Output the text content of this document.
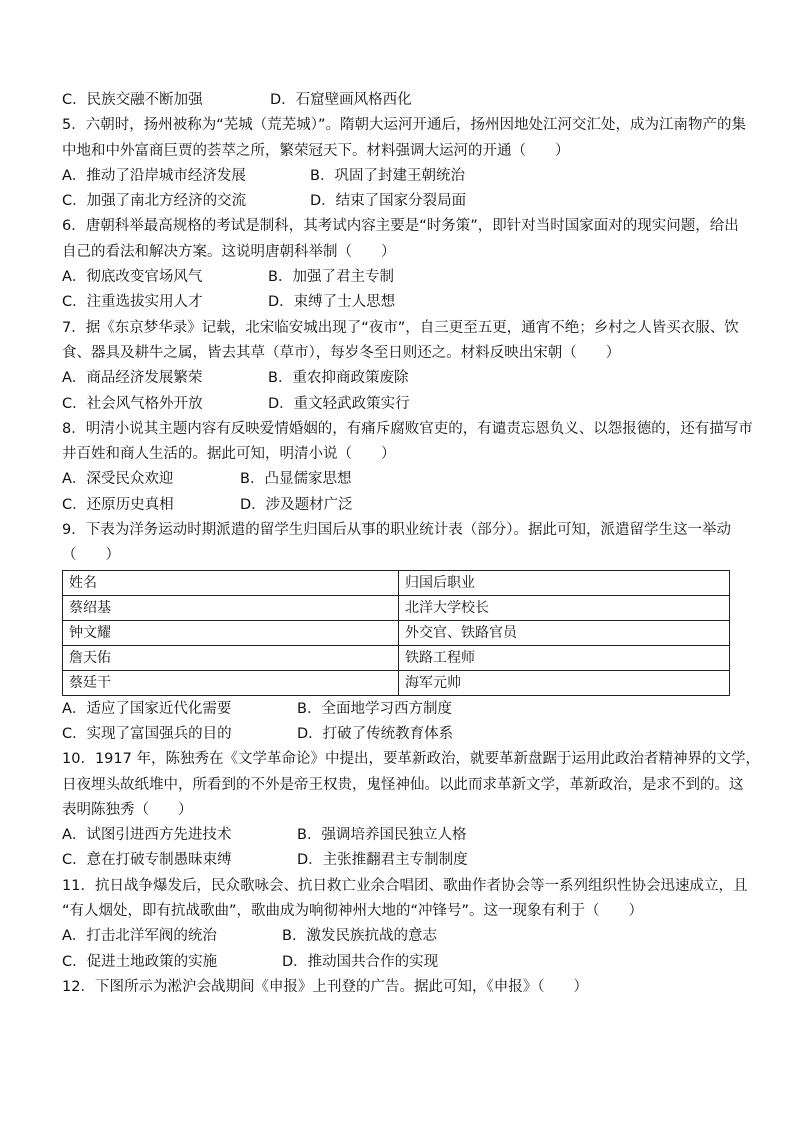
C．民族交融不断加强	D．石窟壁画风格西化
5．六朝时，扬州被称为“芜城（荒芜城）”。隋朝大运河开通后，扬州因地处江河交汇处，成为江南物产的集
中地和中外富商巨贾的荟萃之所，繁荣冠天下。材料强调大运河的开通（　　）
A．推动了沿岸城市经济发展	B．巩固了封建王朝统治
C．加强了南北方经济的交流	D．结束了国家分裂局面
6．唐朝科举最高规格的考试是制科，其考试内容主要是“时务策”，即针对当时国家面对的现实问题，给出
自己的看法和解决方案。这说明唐朝科举制（　　）
A．彻底改变官场风气	B．加强了君主专制
C．注重选拔实用人才	D．束缚了士人思想
7．据《东京梦华录》记载，北宋临安城出现了“夜市”，自三更至五更，通宵不绝；乡村之人皆买衣服、饮
食、器具及耕牛之属，皆去其草（草市），每岁冬至日则还之。材料反映出宋朝（　　）
A．商品经济发展繁荣	B．重农抑商政策废除
C．社会风气格外开放	D．重文轻武政策实行
8．明清小说其主题内容有反映爱情婚姻的，有痛斥腐败官吏的，有谴责忘恩负义、以怨报德的，还有描写市
井百姓和商人生活的。据此可知，明清小说（　　）
A．深受民众欢迎	B．凸显儒家思想
C．还原历史真相	D．涉及题材广泛
9．下表为洋务运动时期派遣的留学生归国后从事的职业统计表（部分）。据此可知，派遣留学生这一举动
（　　）
姓名	归国后职业
蔡绍基	北洋大学校长
钟文耀	外交官、铁路官员
詹天佑	铁路工程师
蔡廷干	海军元帅
A．适应了国家近代化需要	B．全面地学习西方制度
C．实现了富国强兵的目的	D．打破了传统教育体系
10．1917 年，陈独秀在《文学革命论》中提出，要革新政治，就要革新盘踞于运用此政治者精神界的文学，
日夜埋头故纸堆中，所看到的不外是帝王权贵，鬼怪神仙。以此而求革新文学，革新政治，是求不到的。这
表明陈独秀（　　）
A．试图引进西方先进技术	B．强调培养国民独立人格
C．意在打破专制愚昧束缚	D．主张推翻君主专制制度
11．抗日战争爆发后，民众歌咏会、抗日救亡业余合唱团、歌曲作者协会等一系列组织性协会迅速成立，且
“有人烟处，即有抗战歌曲”，歌曲成为响彻神州大地的“冲锋号”。这一现象有利于（　　）
A．打击北洋军阀的统治	B．激发民族抗战的意志
C．促进土地政策的实施	D．推动国共合作的实现
12．下图所示为淞沪会战期间《申报》上刊登的广告。据此可知，《申报》（　　）
